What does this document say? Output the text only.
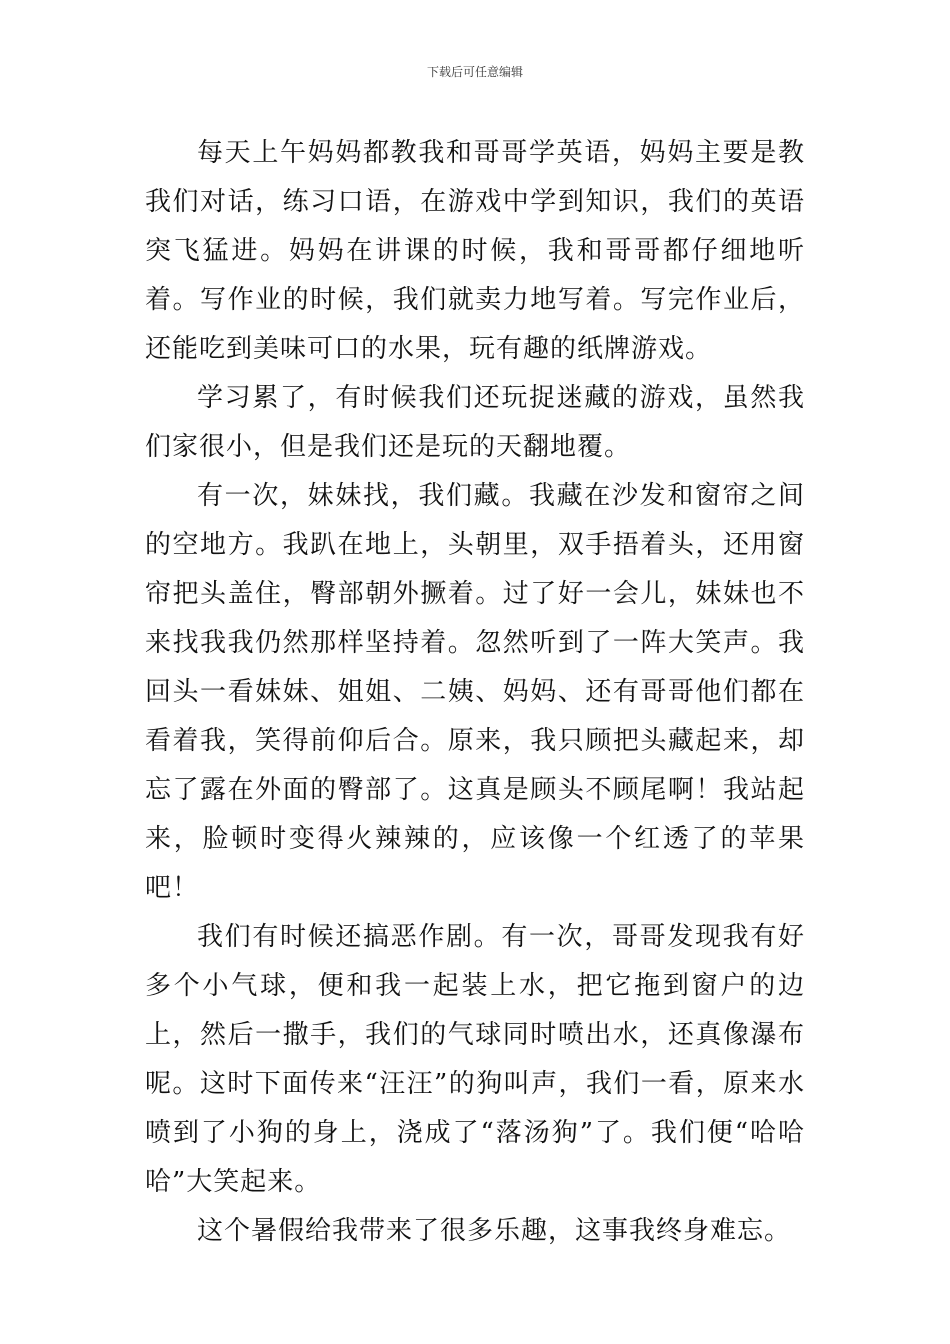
下载后可任意编辑

每天上午妈妈都教我和哥哥学英语，妈妈主要是教我们对话，练习口语，在游戏中学到知识，我们的英语突飞猛进。妈妈在讲课的时候，我和哥哥都仔细地听着。写作业的时候，我们就卖力地写着。写完作业后，还能吃到美味可口的水果，玩有趣的纸牌游戏。

学习累了，有时候我们还玩捉迷藏的游戏，虽然我们家很小，但是我们还是玩的天翻地覆。

有一次，妹妹找，我们藏。我藏在沙发和窗帘之间的空地方。我趴在地上，头朝里，双手捂着头，还用窗帘把头盖住，臀部朝外撅着。过了好一会儿，妹妹也不来找我我仍然那样坚持着。忽然听到了一阵大笑声。我回头一看妹妹、姐姐、二姨、妈妈、还有哥哥他们都在看着我，笑得前仰后合。原来，我只顾把头藏起来，却忘了露在外面的臀部了。这真是顾头不顾尾啊！我站起来，脸顿时变得火辣辣的，应该像一个红透了的苹果吧！

我们有时候还搞恶作剧。有一次，哥哥发现我有好多个小气球，便和我一起装上水，把它拖到窗户的边上，然后一撒手，我们的气球同时喷出水，还真像瀑布呢。这时下面传来“汪汪”的狗叫声，我们一看，原来水喷到了小狗的身上，浇成了“落汤狗”了。我们便“哈哈哈”大笑起来。

这个暑假给我带来了很多乐趣，这事我终身难忘。
